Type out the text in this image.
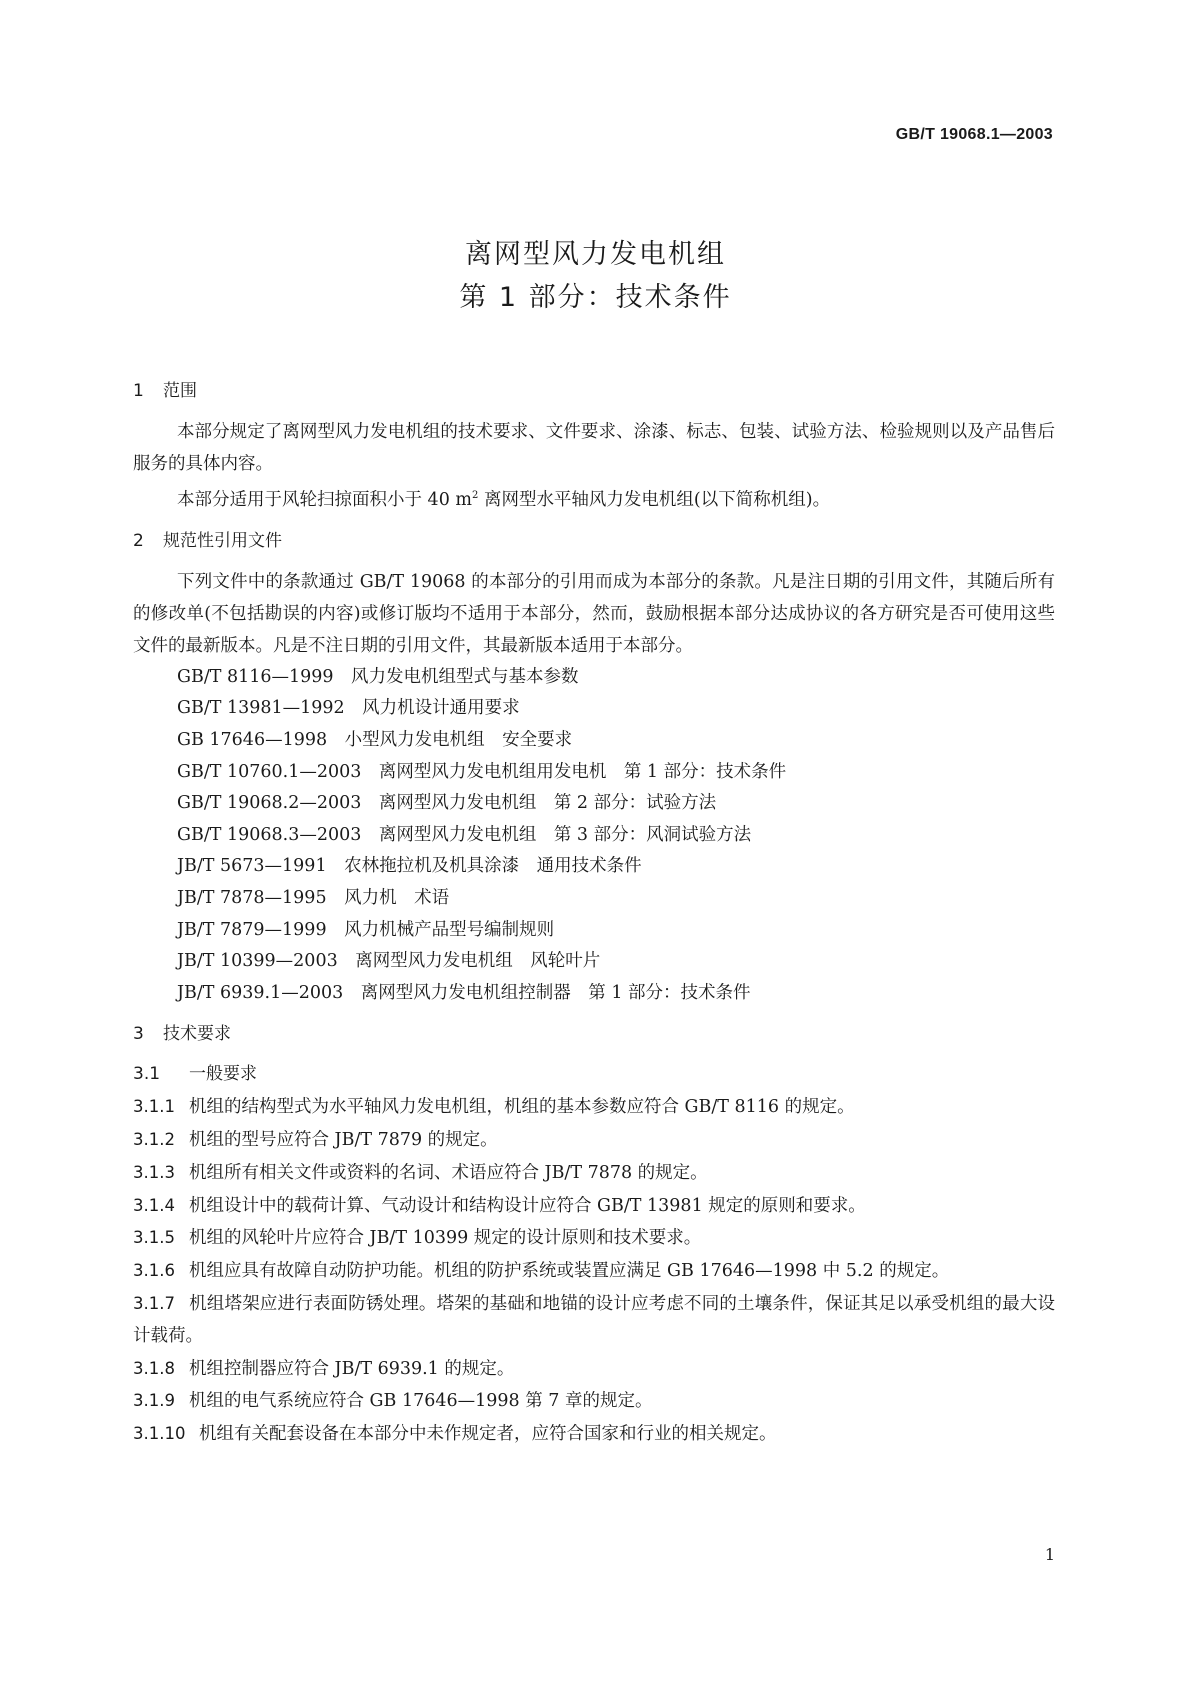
GB/T 19068.1—2003
离网型风力发电机组
第 1 部分：技术条件
1 范围
本部分规定了离网型风力发电机组的技术要求、文件要求、涂漆、标志、包装、试验方法、检验规则以及产品售后服务的具体内容。
本部分适用于风轮扫掠面积小于 40 $m^2$ 离网型水平轴风力发电机组(以下简称机组)。
2 规范性引用文件
下列文件中的条款通过 GB/T 19068 的本部分的引用而成为本部分的条款。凡是注日期的引用文件，其随后所有的修改单(不包括勘误的内容)或修订版均不适用于本部分，然而，鼓励根据本部分达成协议的各方研究是否可使用这些文件的最新版本。凡是不注日期的引用文件，其最新版本适用于本部分。
GB/T 8116—1999　风力发电机组型式与基本参数
GB/T 13981—1992　风力机设计通用要求
GB 17646—1998　小型风力发电机组　安全要求
GB/T 10760.1—2003　离网型风力发电机组用发电机　第 1 部分：技术条件
GB/T 19068.2—2003　离网型风力发电机组　第 2 部分：试验方法
GB/T 19068.3—2003　离网型风力发电机组　第 3 部分：风洞试验方法
JB/T 5673—1991　农林拖拉机及机具涂漆　通用技术条件
JB/T 7878—1995　风力机　术语
JB/T 7879—1999　风力机械产品型号编制规则
JB/T 10399—2003　离网型风力发电机组　风轮叶片
JB/T 6939.1—2003　离网型风力发电机组控制器　第 1 部分：技术条件
3 技术要求
3.1 一般要求
3.1.1 机组的结构型式为水平轴风力发电机组，机组的基本参数应符合 GB/T 8116 的规定。
3.1.2 机组的型号应符合 JB/T 7879 的规定。
3.1.3 机组所有相关文件或资料的名词、术语应符合 JB/T 7878 的规定。
3.1.4 机组设计中的载荷计算、气动设计和结构设计应符合 GB/T 13981 规定的原则和要求。
3.1.5 机组的风轮叶片应符合 JB/T 10399 规定的设计原则和技术要求。
3.1.6 机组应具有故障自动防护功能。机组的防护系统或装置应满足 GB 17646—1998 中 5.2 的规定。
3.1.7 机组塔架应进行表面防锈处理。塔架的基础和地锚的设计应考虑不同的土壤条件，保证其足以承受机组的最大设计载荷。
3.1.8 机组控制器应符合 JB/T 6939.1 的规定。
3.1.9 机组的电气系统应符合 GB 17646—1998 第 7 章的规定。
3.1.10 机组有关配套设备在本部分中未作规定者，应符合国家和行业的相关规定。
1
